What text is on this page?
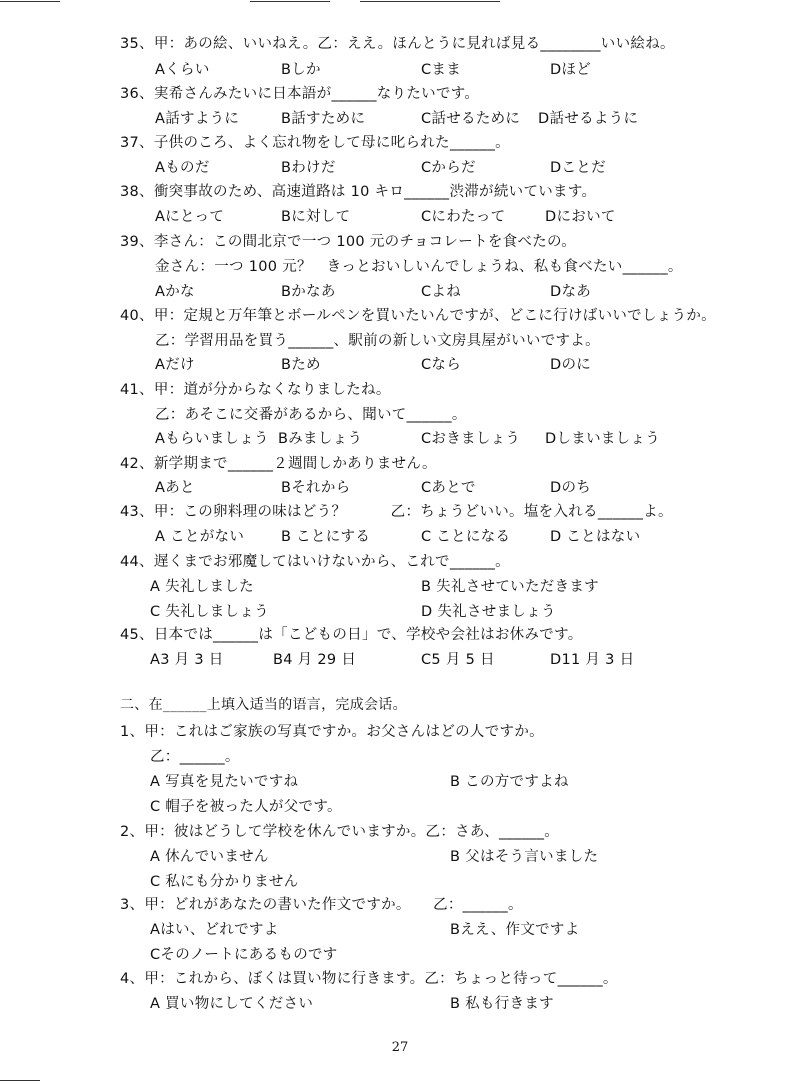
35、甲：あの絵、いいねえ。乙：ええ。ほんとうに見れば見る________いい絵ね。
Aくらい	Bしか	Cまま	Dほど
36、実希さんみたいに日本語が______なりたいです。
A話すように	B話すために	C話せるために D話せるように
37、子供のころ、よく忘れ物をして母に叱られた______。
Aものだ	Bわけだ	Cからだ	Dことだ
38、衝突事故のため、高速道路は 10 キロ______渋滞が続いています。
Aにとって	Bに対して	Cにわたって	Dにおいて
39、李さん：この間北京で一つ 100 元のチョコレートを食べたの。
金さん：一つ 100 元？　きっとおいしいんでしょうね、私も食べたい______。
Aかな	Bかなあ	Cよね	Dなあ
40、甲：定規と万年筆とボールペンを買いたいんですが、どこに行けばいいでしょうか。
乙：学習用品を買う______、駅前の新しい文房具屋がいいですよ。
Aだけ	Bため	Cなら	Dのに
41、甲：道が分からなくなりましたね。
乙：あそこに交番があるから、聞いて______。
Aもらいましょう Bみましょう	Cおきましょう Dしまいましょう
42、新学期まで______２週間しかありません。
Aあと	Bそれから	Cあとで	Dのち
43、甲：この卵料理の味はどう？　　　乙：ちょうどいい。塩を入れる______よ。
A ことがない	B ことにする	C ことになる	D ことはない
44、遅くまでお邪魔してはいけないから、これで______。
A 失礼しました	B 失礼させていただきます
C 失礼しましょう	D 失礼させましょう
45、日本では______は「こどもの日」で、学校や会社はお休みです。
A3 月 3 日	B4 月 29 日	C5 月 5 日	D11 月 3 日
二、在______上填入适当的语言，完成会话。
1、甲：これはご家族の写真ですか。お父さんはどの人ですか。
乙：______。
A 写真を見たいですね	B この方ですよね
C 帽子を被った人が父です。
2、甲：彼はどうして学校を休んでいますか。乙：さあ、______。
A 休んでいません	B 父はそう言いました
C 私にも分かりません
3、甲：どれがあなたの書いた作文ですか。　　乙：______。
Aはい、どれですよ	Bええ、作文ですよ
Cそのノートにあるものです
4、甲：これから、ぼくは買い物に行きます。乙：ちょっと待って______。
A 買い物にしてください	B 私も行きます
27
